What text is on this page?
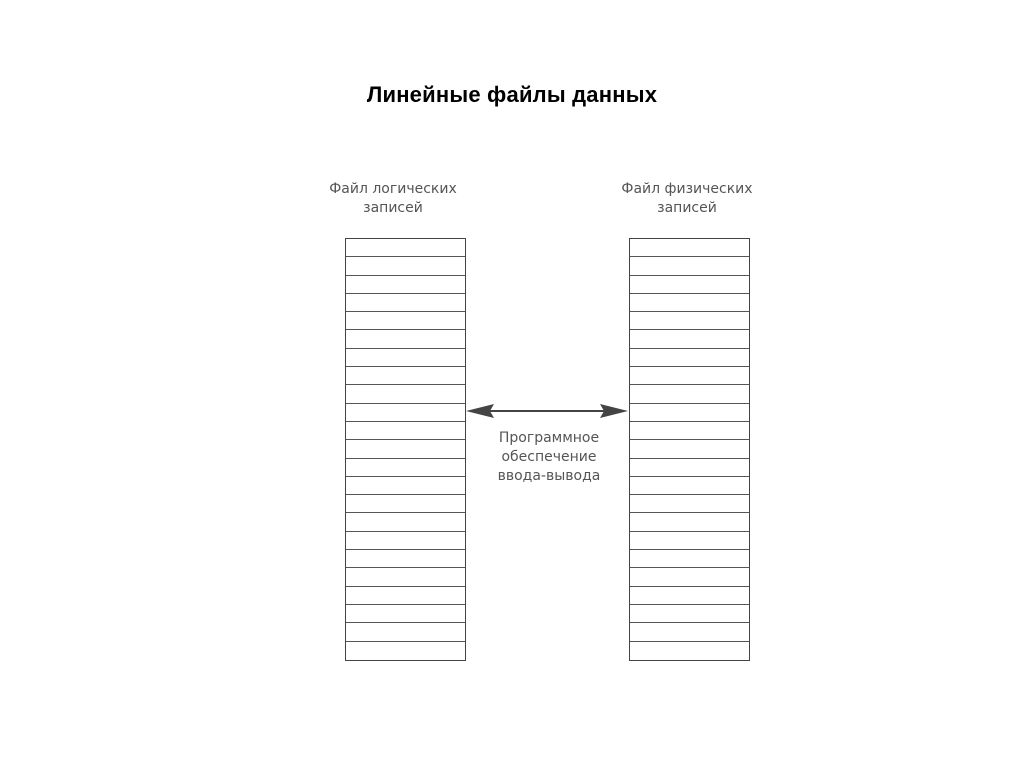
Линейные файлы данных
Файл логических
записей
Файл физических
записей
Программное
обеспечение
ввода-вывода
